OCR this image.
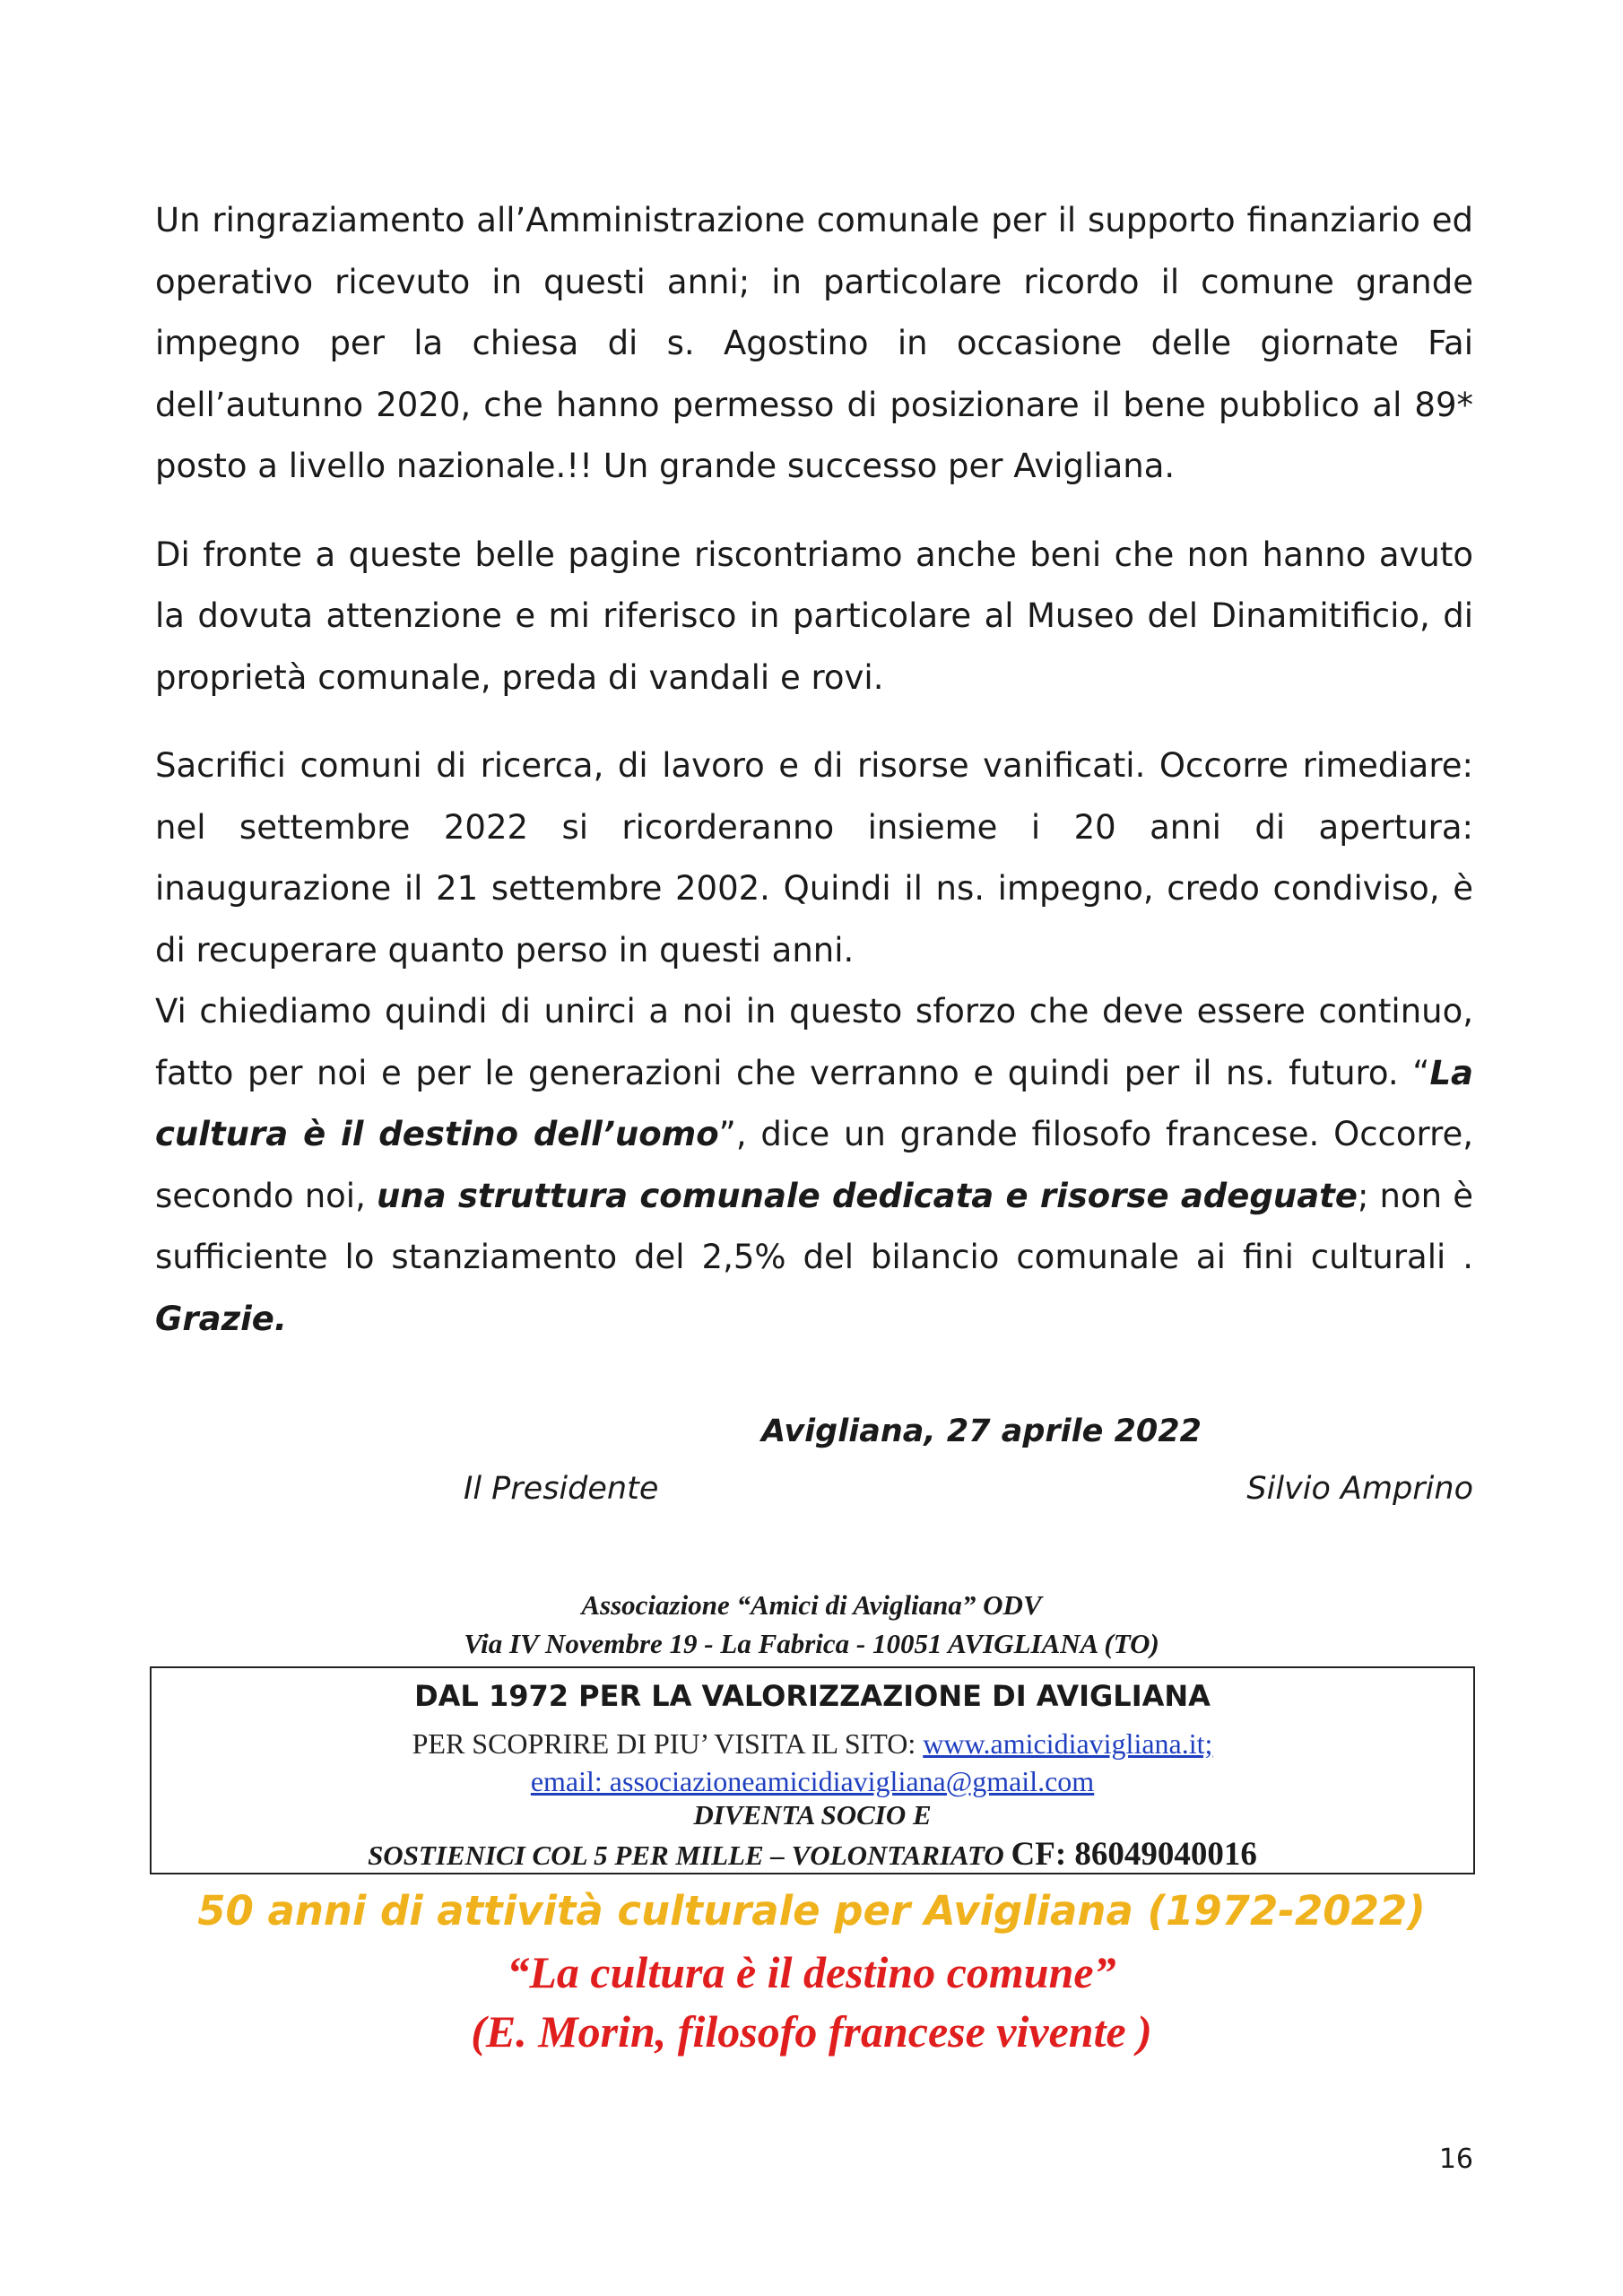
Un ringraziamento all’Amministrazione comunale per il supporto finanziario ed operativo ricevuto in questi anni; in particolare ricordo il comune grande impegno per la chiesa di s. Agostino in occasione delle giornate Fai dell’autunno 2020, che hanno permesso di posizionare il bene pubblico al 89* posto a livello nazionale.!! Un grande successo per Avigliana.

Di fronte a queste belle pagine riscontriamo anche beni che non hanno avuto la dovuta attenzione e mi riferisco in particolare al Museo del Dinamitificio, di proprietà comunale, preda di vandali e rovi.

Sacrifici comuni di ricerca, di lavoro e di risorse vanificati. Occorre rimediare: nel settembre 2022 si ricorderanno insieme i 20 anni di apertura: inaugurazione il 21 settembre 2002. Quindi il ns. impegno, credo condiviso, è di recuperare quanto perso in questi anni.

Vi chiediamo quindi di unirci a noi in questo sforzo che deve essere continuo, fatto per noi e per le generazioni che verranno e quindi per il ns. futuro. “La cultura è il destino dell’uomo”, dice un grande filosofo francese. Occorre, secondo noi, una struttura comunale dedicata e risorse adeguate; non è sufficiente lo stanziamento del 2,5% del bilancio comunale ai fini culturali . Grazie.

Avigliana, 27 aprile 2022
Il Presidente	Silvio Amprino
Associazione “Amici di Avigliana” ODV
Via IV Novembre 19 - La Fabrica - 10051 AVIGLIANA (TO)
DAL 1972 PER LA VALORIZZAZIONE DI AVIGLIANA
PER SCOPRIRE DI PIU’ VISITA IL SITO: www.amicidiavigliana.it;
email: associazioneamicidiavigliana@gmail.com
DIVENTA SOCIO E
SOSTIENICI COL 5 PER MILLE – VOLONTARIATO CF: 86049040016
50 anni di attività culturale per Avigliana (1972-2022)
“La cultura è il destino comune”
(E. Morin, filosofo francese vivente )
16
